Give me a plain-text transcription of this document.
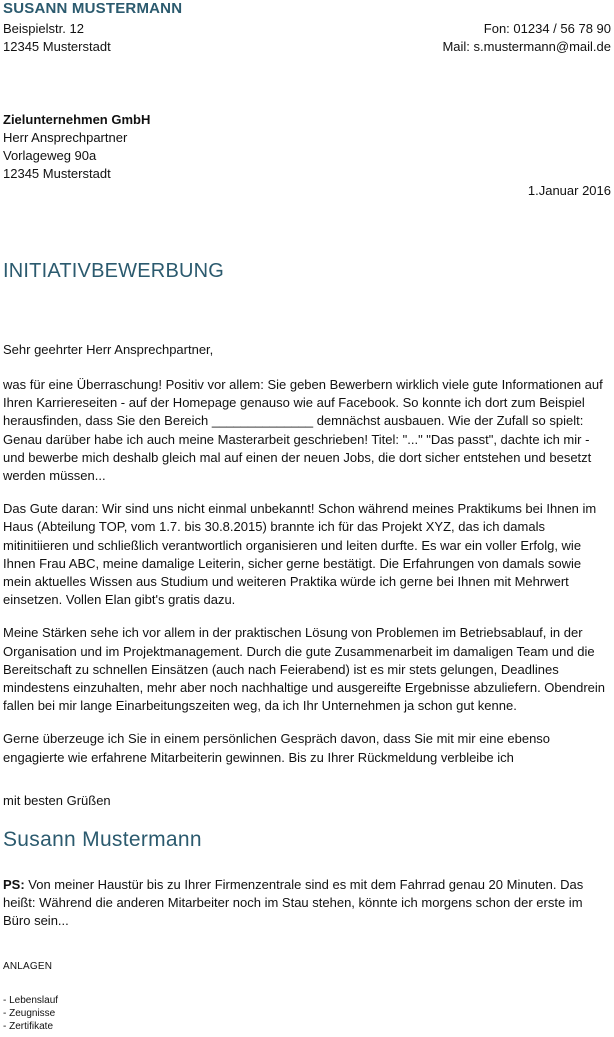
SUSANN MUSTERMANN
Beispielstr. 12
12345 Musterstadt
Fon: 01234 / 56 78 90
Mail: s.mustermann@mail.de
Zielunternehmen GmbH
Herr Ansprechpartner
Vorlageweg 90a
12345 Musterstadt
1.Januar 2016
INITIATIVBEWERBUNG
Sehr geehrter Herr Ansprechpartner,

was für eine Überraschung! Positiv vor allem: Sie geben Bewerbern wirklich viele gute Informationen auf Ihren Karriereseiten - auf der Homepage genauso wie auf Facebook. So konnte ich dort zum Beispiel herausfinden, dass Sie den Bereich ______________ demnächst ausbauen. Wie der Zufall so spielt: Genau darüber habe ich auch meine Masterarbeit geschrieben! Titel: "..." "Das passt", dachte ich mir - und bewerbe mich deshalb gleich mal auf einen der neuen Jobs, die dort sicher entstehen und besetzt werden müssen...

Das Gute daran: Wir sind uns nicht einmal unbekannt! Schon während meines Praktikums bei Ihnen im Haus (Abteilung TOP, vom 1.7. bis 30.8.2015) brannte ich für das Projekt XYZ, das ich damals mitinitiieren und schließlich verantwortlich organisieren und leiten durfte. Es war ein voller Erfolg, wie Ihnen Frau ABC, meine damalige Leiterin, sicher gerne bestätigt. Die Erfahrungen von damals sowie mein aktuelles Wissen aus Studium und weiteren Praktika würde ich gerne bei Ihnen mit Mehrwert einsetzen. Vollen Elan gibt's gratis dazu.

Meine Stärken sehe ich vor allem in der praktischen Lösung von Problemen im Betriebsablauf, in der Organisation und im Projektmanagement. Durch die gute Zusammenarbeit im damaligen Team und die Bereitschaft zu schnellen Einsätzen (auch nach Feierabend) ist es mir stets gelungen, Deadlines mindestens einzuhalten, mehr aber noch nachhaltige und ausgereifte Ergebnisse abzuliefern. Obendrein fallen bei mir lange Einarbeitungszeiten weg, da ich Ihr Unternehmen ja schon gut kenne.

Gerne überzeuge ich Sie in einem persönlichen Gespräch davon, dass Sie mit mir eine ebenso engagierte wie erfahrene Mitarbeiterin gewinnen. Bis zu Ihrer Rückmeldung verbleibe ich

mit besten Grüßen
Susann Mustermann
PS: Von meiner Haustür bis zu Ihrer Firmenzentrale sind es mit dem Fahrrad genau 20 Minuten. Das heißt: Während die anderen Mitarbeiter noch im Stau stehen, könnte ich morgens schon der erste im Büro sein...
ANLAGEN
- Lebenslauf
- Zeugnisse
- Zertifikate
